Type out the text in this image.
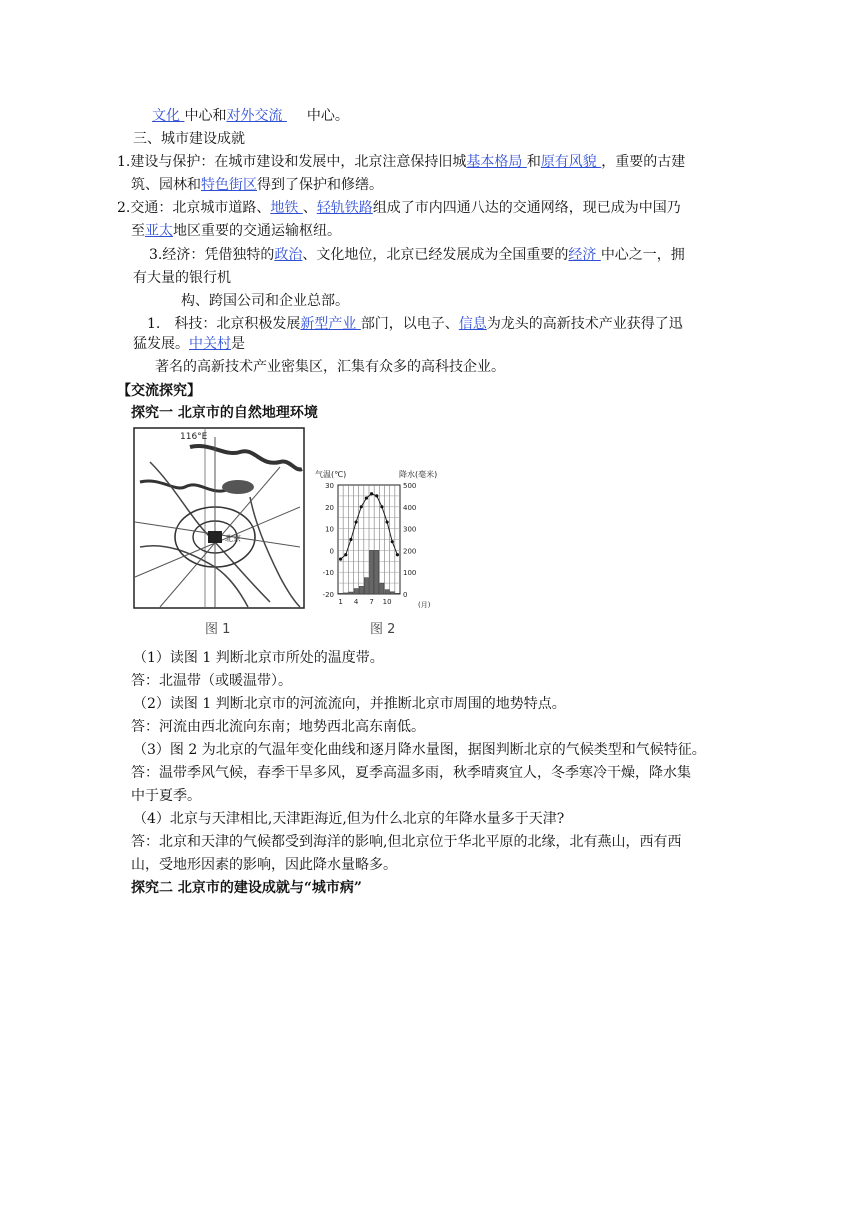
文化 中心和对外交流 中心。
三、城市建设成就
1.建设与保护：在城市建设和发展中，北京注意保持旧城基本格局 和原有风貌 ，重要的古建
筑、园林和特色街区得到了保护和修缮。
2.交通：北京城市道路、地铁 、轻轨铁路组成了市内四通八达的交通网络，现已成为中国乃
至亚太地区重要的交通运输枢纽。
3.经济：凭借独特的政治、文化地位，北京已经发展成为全国重要的经济 中心之一，拥
有大量的银行机
构、跨国公司和企业总部。
1. 科技：北京积极发展新型产业 部门，以电子、信息为龙头的高新技术产业获得了迅
猛发展。中关村是
著名的高新技术产业密集区，汇集有众多的高科技企业。
【交流探究】
探究一 北京市的自然地理环境
116°E
北京
图 1
气温(℃)	降水(毫米)
30
20
10
0
-10
-20
500
400
300
200
100
0
1 4 7 10	(月)
图 2
（1）读图 1 判断北京市所处的温度带。
答：北温带（或暖温带）。
（2）读图 1 判断北京市的河流流向，并推断北京市周围的地势特点。
答：河流由西北流向东南；地势西北高东南低。
（3）图 2 为北京的气温年变化曲线和逐月降水量图，据图判断北京的气候类型和气候特征。
答：温带季风气候，春季干旱多风，夏季高温多雨，秋季晴爽宜人，冬季寒冷干燥，降水集
中于夏季。
（4）北京与天津相比,天津距海近,但为什么北京的年降水量多于天津?
答：北京和天津的气候都受到海洋的影响,但北京位于华北平原的北缘，北有燕山，西有西
山，受地形因素的影响，因此降水量略多。
探究二 北京市的建设成就与“城市病”
